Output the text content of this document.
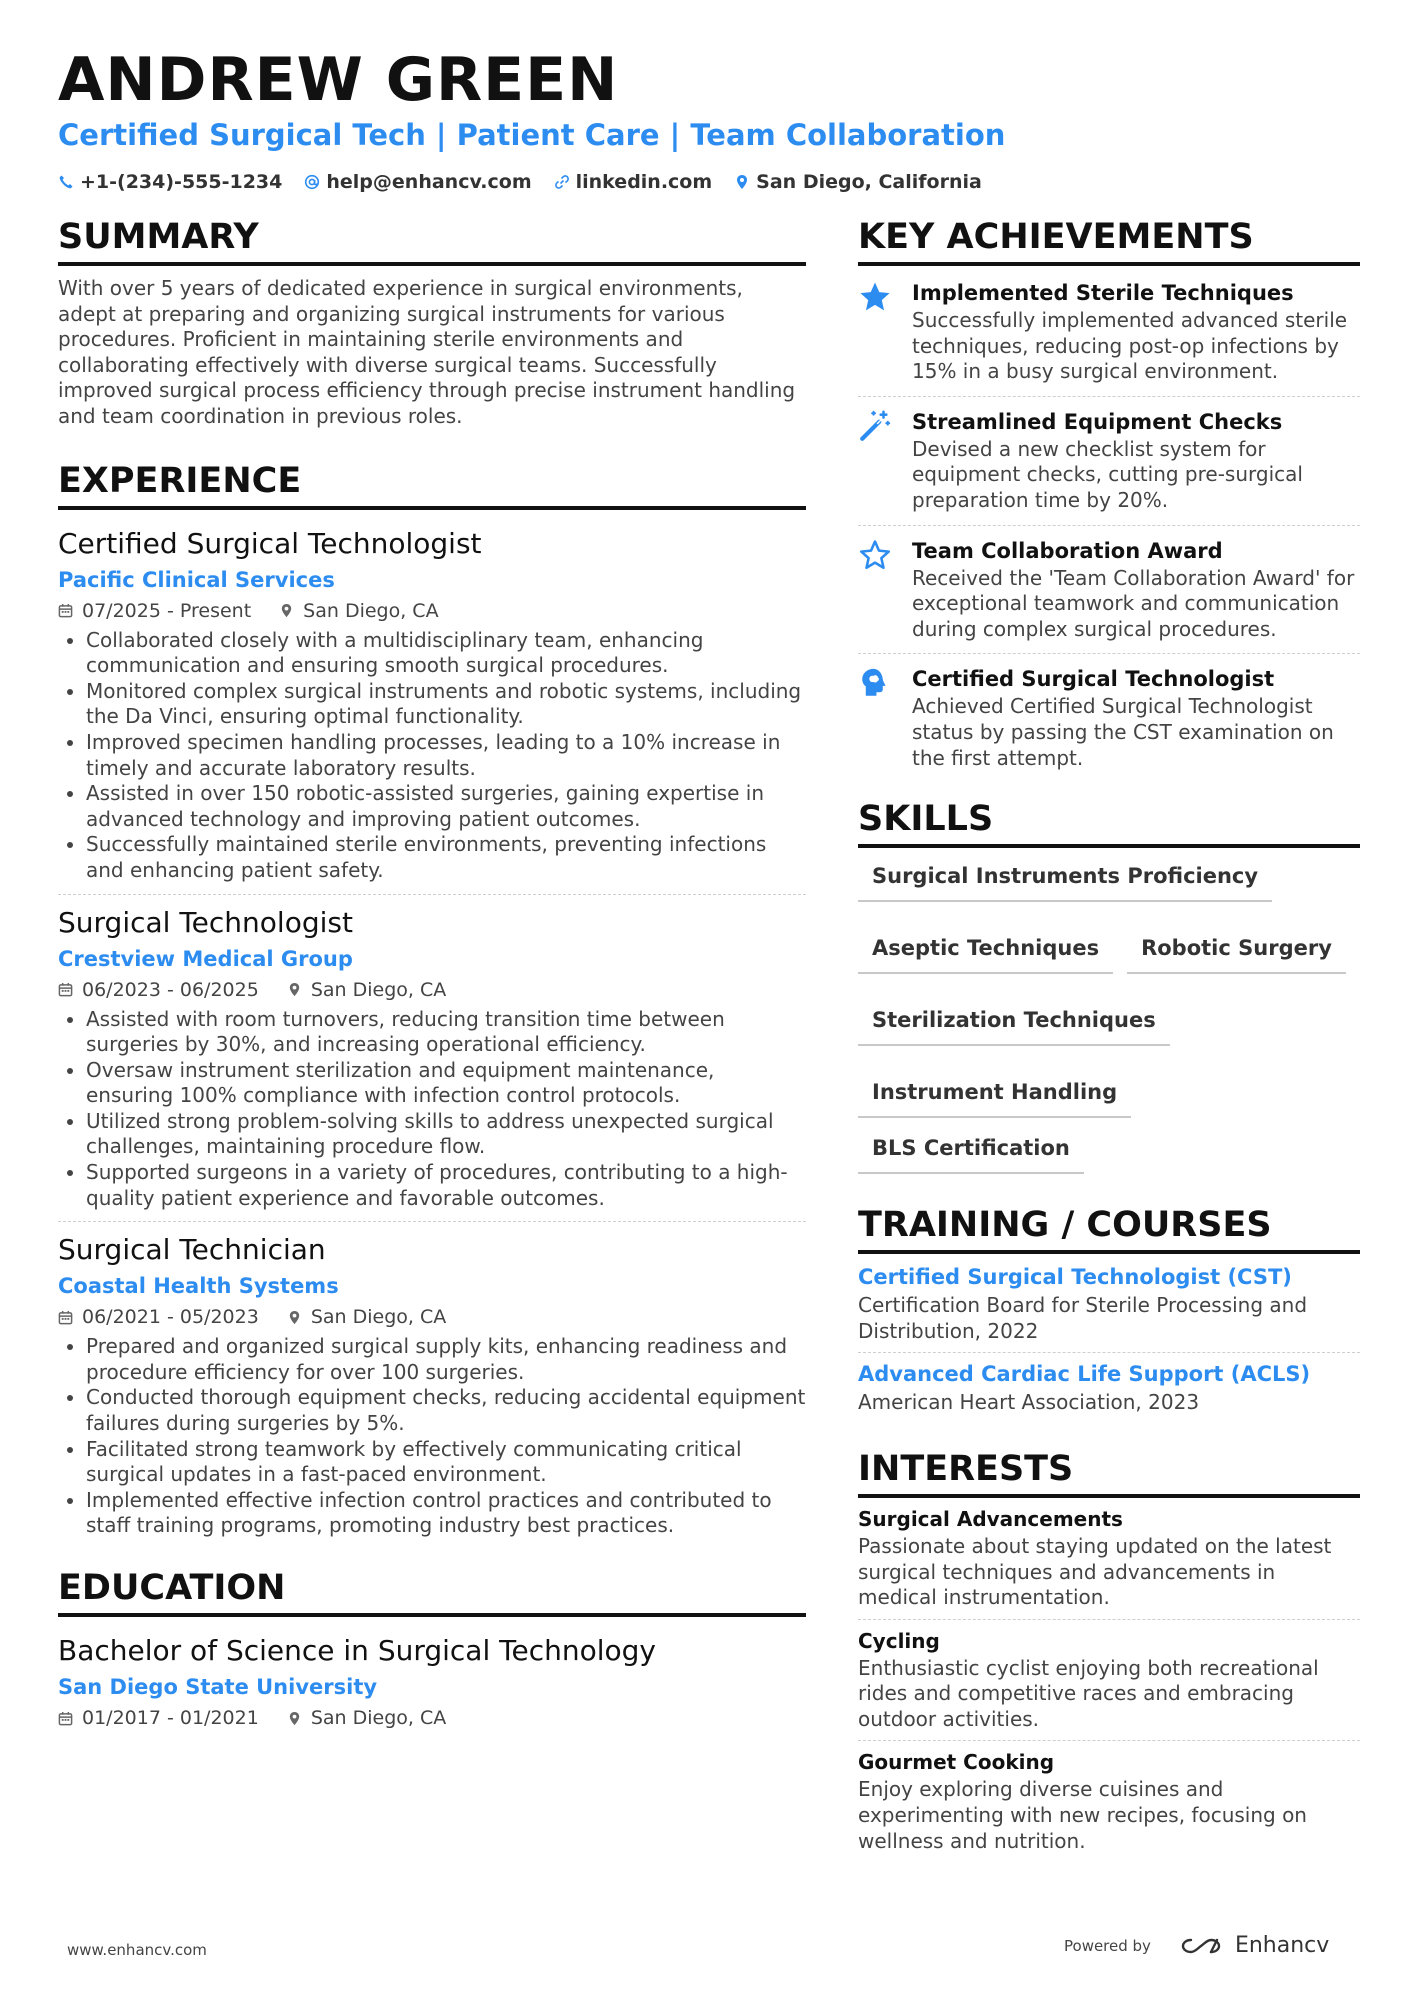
ANDREW GREEN
Certified Surgical Tech | Patient Care | Team Collaboration
+1-(234)-555-1234 help@enhancv.com linkedin.com San Diego, California
SUMMARY

With over 5 years of dedicated experience in surgical environments, adept at preparing and organizing surgical instruments for various procedures. Proficient in maintaining sterile environments and collaborating effectively with diverse surgical teams. Successfully improved surgical process efficiency through precise instrument handling and team coordination in previous roles.

EXPERIENCE
Certified Surgical Technologist
Pacific Clinical Services
07/2025 - Present	San Diego, CA
• Collaborated closely with a multidisciplinary team, enhancing communication and ensuring smooth surgical procedures.
• Monitored complex surgical instruments and robotic systems, including the Da Vinci, ensuring optimal functionality.
• Improved specimen handling processes, leading to a 10% increase in timely and accurate laboratory results.
• Assisted in over 150 robotic-assisted surgeries, gaining expertise in advanced technology and improving patient outcomes.
• Successfully maintained sterile environments, preventing infections and enhancing patient safety.
Surgical Technologist
Crestview Medical Group
06/2023 - 06/2025	San Diego, CA
• Assisted with room turnovers, reducing transition time between surgeries by 30%, and increasing operational efficiency.
• Oversaw instrument sterilization and equipment maintenance, ensuring 100% compliance with infection control protocols.
• Utilized strong problem-solving skills to address unexpected surgical challenges, maintaining procedure flow.
• Supported surgeons in a variety of procedures, contributing to a high-quality patient experience and favorable outcomes.
Surgical Technician
Coastal Health Systems
06/2021 - 05/2023	San Diego, CA
• Prepared and organized surgical supply kits, enhancing readiness and procedure efficiency for over 100 surgeries.
• Conducted thorough equipment checks, reducing accidental equipment failures during surgeries by 5%.
• Facilitated strong teamwork by effectively communicating critical surgical updates in a fast-paced environment.
• Implemented effective infection control practices and contributed to staff training programs, promoting industry best practices.
EDUCATION
Bachelor of Science in Surgical Technology
San Diego State University
01/2017 - 01/2021	San Diego, CA
KEY ACHIEVEMENTS
Implemented Sterile Techniques
Successfully implemented advanced sterile techniques, reducing post-op infections by 15% in a busy surgical environment.
Streamlined Equipment Checks
Devised a new checklist system for equipment checks, cutting pre-surgical preparation time by 20%.
Team Collaboration Award
Received the 'Team Collaboration Award' for exceptional teamwork and communication during complex surgical procedures.
Certified Surgical Technologist
Achieved Certified Surgical Technologist status by passing the CST examination on the first attempt.
SKILLS
Surgical Instruments Proficiency
Aseptic Techniques	Robotic Surgery
Sterilization Techniques
Instrument Handling
BLS Certification
TRAINING / COURSES
Certified Surgical Technologist (CST)
Certification Board for Sterile Processing and Distribution, 2022
Advanced Cardiac Life Support (ACLS)
American Heart Association, 2023
INTERESTS
Surgical Advancements
Passionate about staying updated on the latest surgical techniques and advancements in medical instrumentation.
Cycling
Enthusiastic cyclist enjoying both recreational rides and competitive races and embracing outdoor activities.
Gourmet Cooking
Enjoy exploring diverse cuisines and experimenting with new recipes, focusing on wellness and nutrition.
www.enhancv.com	Powered by	Enhancv
